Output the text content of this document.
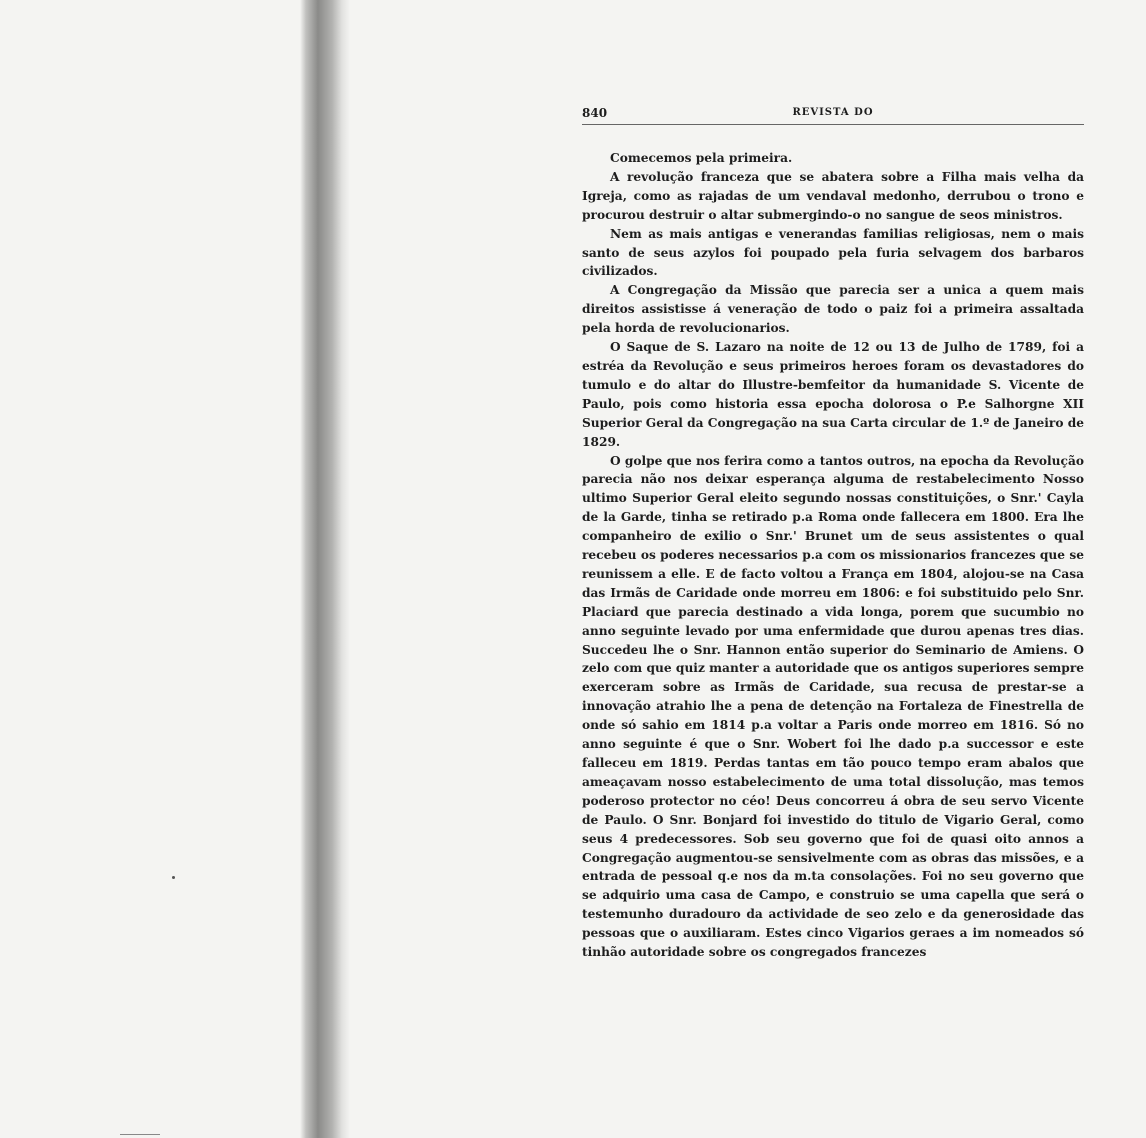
840	REVISTA DO

Comecemos pela primeira.

A revolução franceza que se abatera sobre a Filha mais velha da Igreja, como as rajadas de um vendaval medonho, derrubou o trono e procurou destruir o altar submergindo-o no sangue de seos ministros.

Nem as mais antigas e venerandas familias religiosas, nem o mais santo de seus azylos foi poupado pela furia selvagem dos barbaros civilizados.

A Congregação da Missão que parecia ser a unica a quem mais direitos assistisse á veneração de todo o paiz foi a primeira assaltada pela horda de revolucionarios.

O Saque de S. Lazaro na noite de 12 ou 13 de Julho de 1789, foi a estréa da Revolução e seus primeiros heroes foram os devastadores do tumulo e do altar do Illustre-bemfeitor da humanidade S. Vicente de Paulo, pois como historia essa epocha dolorosa o P.e Salhorgne XII Superior Geral da Congregação na sua Carta circular de 1.º de Janeiro de 1829.

O golpe que nos ferira como a tantos outros, na epocha da Revolução parecia não nos deixar esperança alguma de restabelecimento Nosso ultimo Superior Geral eleito segundo nossas constituições, o Snr.' Cayla de la Garde, tinha se retirado p.a Roma onde fallecera em 1800. Era lhe companheiro de exilio o Snr.' Brunet um de seus assistentes o qual recebeu os poderes necessarios p.a com os missionarios francezes que se reunissem a elle. E de facto voltou a França em 1804, alojou-se na Casa das Irmãs de Caridade onde morreu em 1806: e foi substituido pelo Snr. Placiard que parecia destinado a vida longa, porem que sucumbio no anno seguinte levado por uma enfermidade que durou apenas tres dias. Succedeu lhe o Snr. Hannon então superior do Seminario de Amiens. O zelo com que quiz manter a autoridade que os antigos superiores sempre exerceram sobre as Irmãs de Caridade, sua recusa de prestar-se a innovação atrahio lhe a pena de detenção na Fortaleza de Finestrella de onde só sahio em 1814 p.a voltar a Paris onde morreo em 1816. Só no anno seguinte é que o Snr. Wobert foi lhe dado p.a successor e este falleceu em 1819. Perdas tantas em tão pouco tempo eram abalos que ameaçavam nosso estabelecimento de uma total dissolução, mas temos poderoso protector no céo! Deus concorreu á obra de seu servo Vicente de Paulo. O Snr. Bonjard foi investido do titulo de Vigario Geral, como seus 4 predecessores. Sob seu governo que foi de quasi oito annos a Congregação augmentou-se sensivelmente com as obras das missões, e a entrada de pessoal q.e nos da m.ta consolações. Foi no seu governo que se adquirio uma casa de Campo, e construio se uma capella que será o testemunho duradouro da actividade de seo zelo e da generosidade das pessoas que o auxiliaram. Estes cinco Vigarios geraes a im nomeados só tinhão autoridade sobre os congregados francezes
